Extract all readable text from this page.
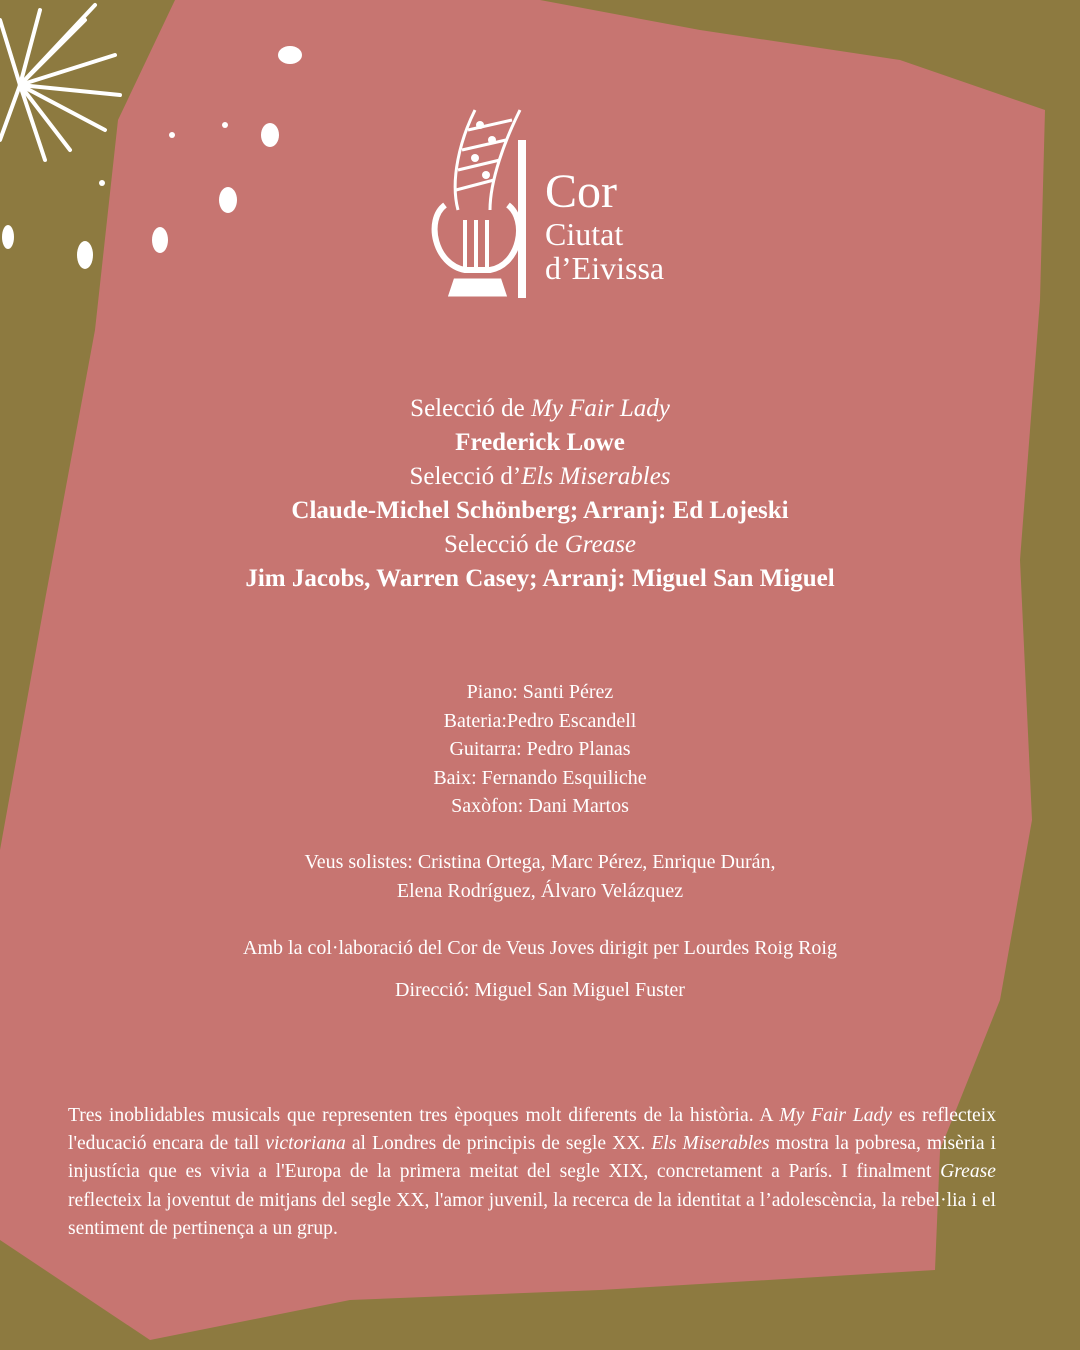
Cor
Ciutat
d’Eivissa
Selecció de My Fair Lady
Frederick Lowe
Selecció d’Els Miserables
Claude-Michel Schönberg; Arranj: Ed Lojeski
Selecció de Grease
Jim Jacobs, Warren Casey; Arranj: Miguel San Miguel
Piano: Santi Pérez
Bateria:Pedro Escandell
Guitarra: Pedro Planas
Baix: Fernando Esquiliche
Saxòfon: Dani Martos
Veus solistes: Cristina Ortega, Marc Pérez, Enrique Durán,
Elena Rodríguez, Álvaro Velázquez
Amb la col·laboració del Cor de Veus Joves dirigit per Lourdes Roig Roig
Direcció: Miguel San Miguel Fuster
Tres inoblidables musicals que representen tres èpoques molt diferents de la història. A My Fair Lady es reflecteix l'educació encara de tall victoriana al Londres de principis de segle XX. Els Miserables mostra la pobresa, misèria i injustícia que es vivia a l'Europa de la primera meitat del segle XIX, concretament a París. I finalment Grease reflecteix la joventut de mitjans del segle XX, l'amor juvenil, la recerca de la identitat a l’adolescència, la rebel·lia i el sentiment de pertinença a un grup.
